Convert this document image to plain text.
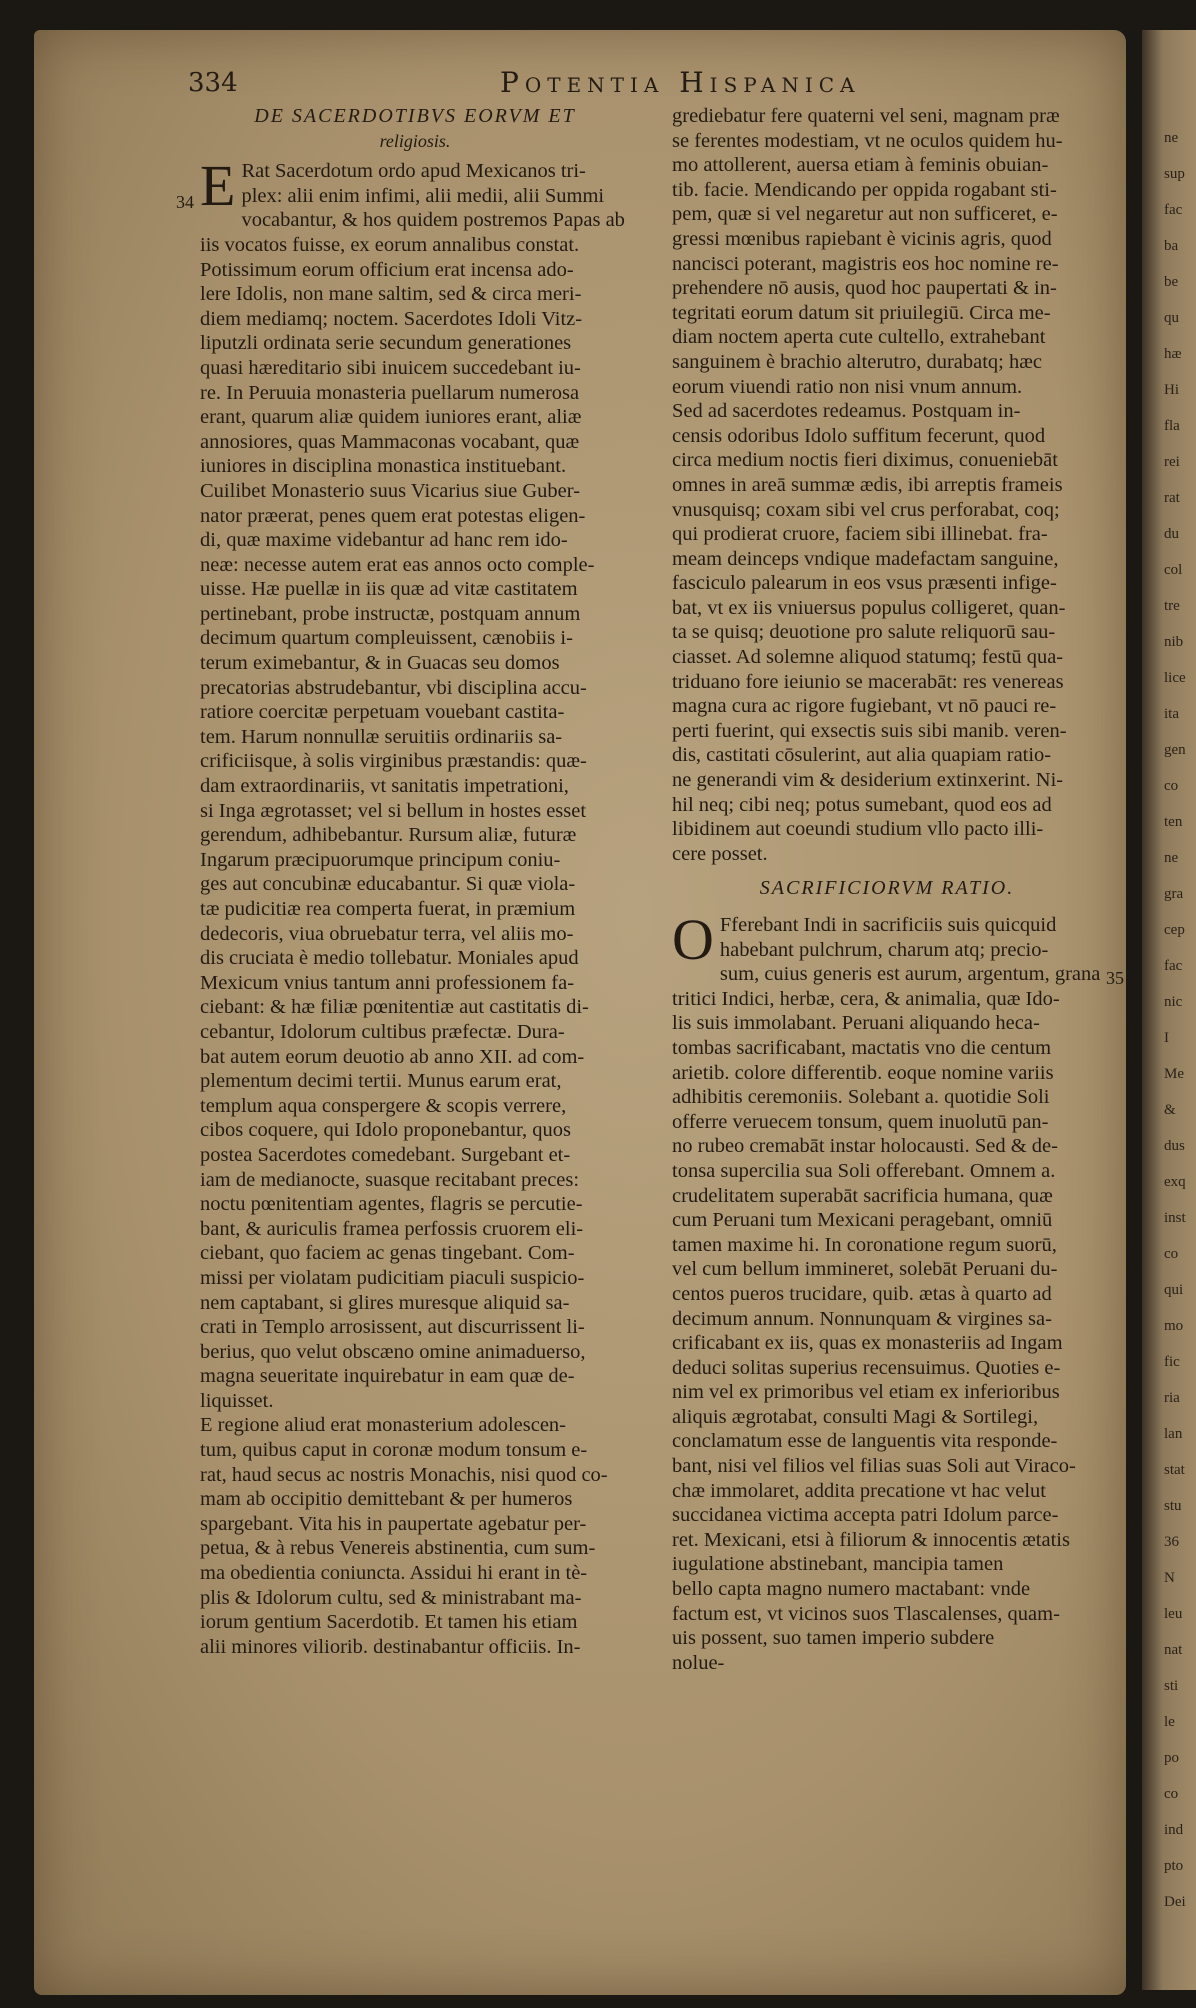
ne
sup
fac
ba
be
qu
hæ
Hi
fla
rei
rat
du
col
tre
nib
lice
ita
gen
co
ten
ne
gra
cep
fac
nic
I
Me
&
dus
exq
inst
co
qui
mo
fic
ria
lan
stat
stu
36
N
leu
nat
sti
le
po
co
ind
pto
Dei
334	Potentia Hispanica
DE SACERDOTIBVS EORVM ET
religiosis.
E Rat Sacerdotum ordo apud Mexicanos tri-
plex: alii enim infimi, alii medii, alii Summi
vocabantur, & hos quidem postremos Papas ab
iis vocatos fuisse, ex eorum annalibus constat.
Potissimum eorum officium erat incensa ado-
lere Idolis, non mane saltim, sed & circa meri-
diem mediamq; noctem. Sacerdotes Idoli Vitz-
liputzli ordinata serie secundum generationes
quasi hæreditario sibi inuicem succedebant iu-
re. In Peruuia monasteria puellarum numerosa
erant, quarum aliæ quidem iuniores erant, aliæ
annosiores, quas Mammaconas vocabant, quæ
iuniores in disciplina monastica instituebant.
Cuilibet Monasterio suus Vicarius siue Guber-
nator præerat, penes quem erat potestas eligen-
di, quæ maxime videbantur ad hanc rem ido-
neæ: necesse autem erat eas annos octo comple-
uisse. Hæ puellæ in iis quæ ad vitæ castitatem
pertinebant, probe instructæ, postquam annum
decimum quartum compleuissent, cænobiis i-
terum eximebantur, & in Guacas seu domos
precatorias abstrudebantur, vbi disciplina accu-
ratiore coercitæ perpetuam vouebant castita-
tem. Harum nonnullæ seruitiis ordinariis sa-
crificiisque, à solis virginibus præstandis: quæ-
dam extraordinariis, vt sanitatis impetrationi,
si Inga ægrotasset; vel si bellum in hostes esset
gerendum, adhibebantur. Rursum aliæ, futuræ
Ingarum præcipuorumque principum coniu-
ges aut concubinæ educabantur. Si quæ viola-
tæ pudicitiæ rea comperta fuerat, in præmium
dedecoris, viua obruebatur terra, vel aliis mo-
dis cruciata è medio tollebatur. Moniales apud
Mexicum vnius tantum anni professionem fa-
ciebant: & hæ filiæ pœnitentiæ aut castitatis di-
cebantur, Idolorum cultibus præfectæ. Dura-
bat autem eorum deuotio ab anno XII. ad com-
plementum decimi tertii. Munus earum erat,
templum aqua conspergere & scopis verrere,
cibos coquere, qui Idolo proponebantur, quos
postea Sacerdotes comedebant. Surgebant et-
iam de medianocte, suasque recitabant preces:
noctu pœnitentiam agentes, flagris se percutie-
bant, & auriculis framea perfossis cruorem eli-
ciebant, quo faciem ac genas tingebant. Com-
missi per violatam pudicitiam piaculi suspicio-
nem captabant, si glires muresque aliquid sa-
crati in Templo arrosissent, aut discurrissent li-
berius, quo velut obscæno omine animaduerso,
magna seueritate inquirebatur in eam quæ de-
liquisset.
E regione aliud erat monasterium adolescen-
tum, quibus caput in coronæ modum tonsum e-
rat, haud secus ac nostris Monachis, nisi quod co-
mam ab occipitio demittebant & per humeros
spargebant. Vita his in paupertate agebatur per-
petua, & à rebus Venereis abstinentia, cum sum-
ma obedientia coniuncta. Assidui hi erant in tè-
plis & Idolorum cultu, sed & ministrabant ma-
iorum gentium Sacerdotib. Et tamen his etiam
alii minores viliorib. destinabantur officiis. In-
34
grediebatur fere quaterni vel seni, magnam præ
se ferentes modestiam, vt ne oculos quidem hu-
mo attollerent, auersa etiam à feminis obuian-
tib. facie. Mendicando per oppida rogabant sti-
pem, quæ si vel negaretur aut non sufficeret, e-
gressi mœnibus rapiebant è vicinis agris, quod
nancisci poterant, magistris eos hoc nomine re-
prehendere nō ausis, quod hoc paupertati & in-
tegritati eorum datum sit priuilegiū. Circa me-
diam noctem aperta cute cultello, extrahebant
sanguinem è brachio alterutro, durabatq; hæc
eorum viuendi ratio non nisi vnum annum.
Sed ad sacerdotes redeamus. Postquam in-
censis odoribus Idolo suffitum fecerunt, quod
circa medium noctis fieri diximus, conueniebāt
omnes in areā summæ ædis, ibi arreptis frameis
vnusquisq; coxam sibi vel crus perforabat, coq;
qui prodierat cruore, faciem sibi illinebat. fra-
meam deinceps vndique madefactam sanguine,
fasciculo palearum in eos vsus præsenti infige-
bat, vt ex iis vniuersus populus colligeret, quan-
ta se quisq; deuotione pro salute reliquorū sau-
ciasset. Ad solemne aliquod statumq; festū qua-
triduano fore ieiunio se macerabāt: res venereas
magna cura ac rigore fugiebant, vt nō pauci re-
perti fuerint, qui exsectis suis sibi manib. veren-
dis, castitati cōsulerint, aut alia quapiam ratio-
ne generandi vim & desiderium extinxerint. Ni-
hil neq; cibi neq; potus sumebant, quod eos ad
libidinem aut coeundi studium vllo pacto illi-
cere posset.
SACRIFICIORVM RATIO.
O Fferebant Indi in sacrificiis suis quicquid
habebant pulchrum, charum atq; precio-
sum, cuius generis est aurum, argentum, grana
tritici Indici, herbæ, cera, & animalia, quæ Ido-
lis suis immolabant. Peruani aliquando heca-
tombas sacrificabant, mactatis vno die centum
arietib. colore differentib. eoque nomine variis
adhibitis ceremoniis. Solebant a. quotidie Soli
offerre veruecem tonsum, quem inuolutū pan-
no rubeo cremabāt instar holocausti. Sed & de-
tonsa supercilia sua Soli offerebant. Omnem a.
crudelitatem superabāt sacrificia humana, quæ
cum Peruani tum Mexicani peragebant, omniū
tamen maxime hi. In coronatione regum suorū,
vel cum bellum immineret, solebāt Peruani du-
centos pueros trucidare, quib. ætas à quarto ad
decimum annum. Nonnunquam & virgines sa-
crificabant ex iis, quas ex monasteriis ad Ingam
deduci solitas superius recensuimus. Quoties e-
nim vel ex primoribus vel etiam ex inferioribus
aliquis ægrotabat, consulti Magi & Sortilegi,
conclamatum esse de languentis vita responde-
bant, nisi vel filios vel filias suas Soli aut Viraco-
chæ immolaret, addita precatione vt hac velut
succidanea victima accepta patri Idolum parce-
ret. Mexicani, etsi à filiorum & innocentis ætatis
iugulatione abstinebant, mancipia tamen
bello capta magno numero mactabant: vnde
factum est, vt vicinos suos Tlascalenses, quam-
uis possent, suo tamen imperio subdere
nolue-
35
